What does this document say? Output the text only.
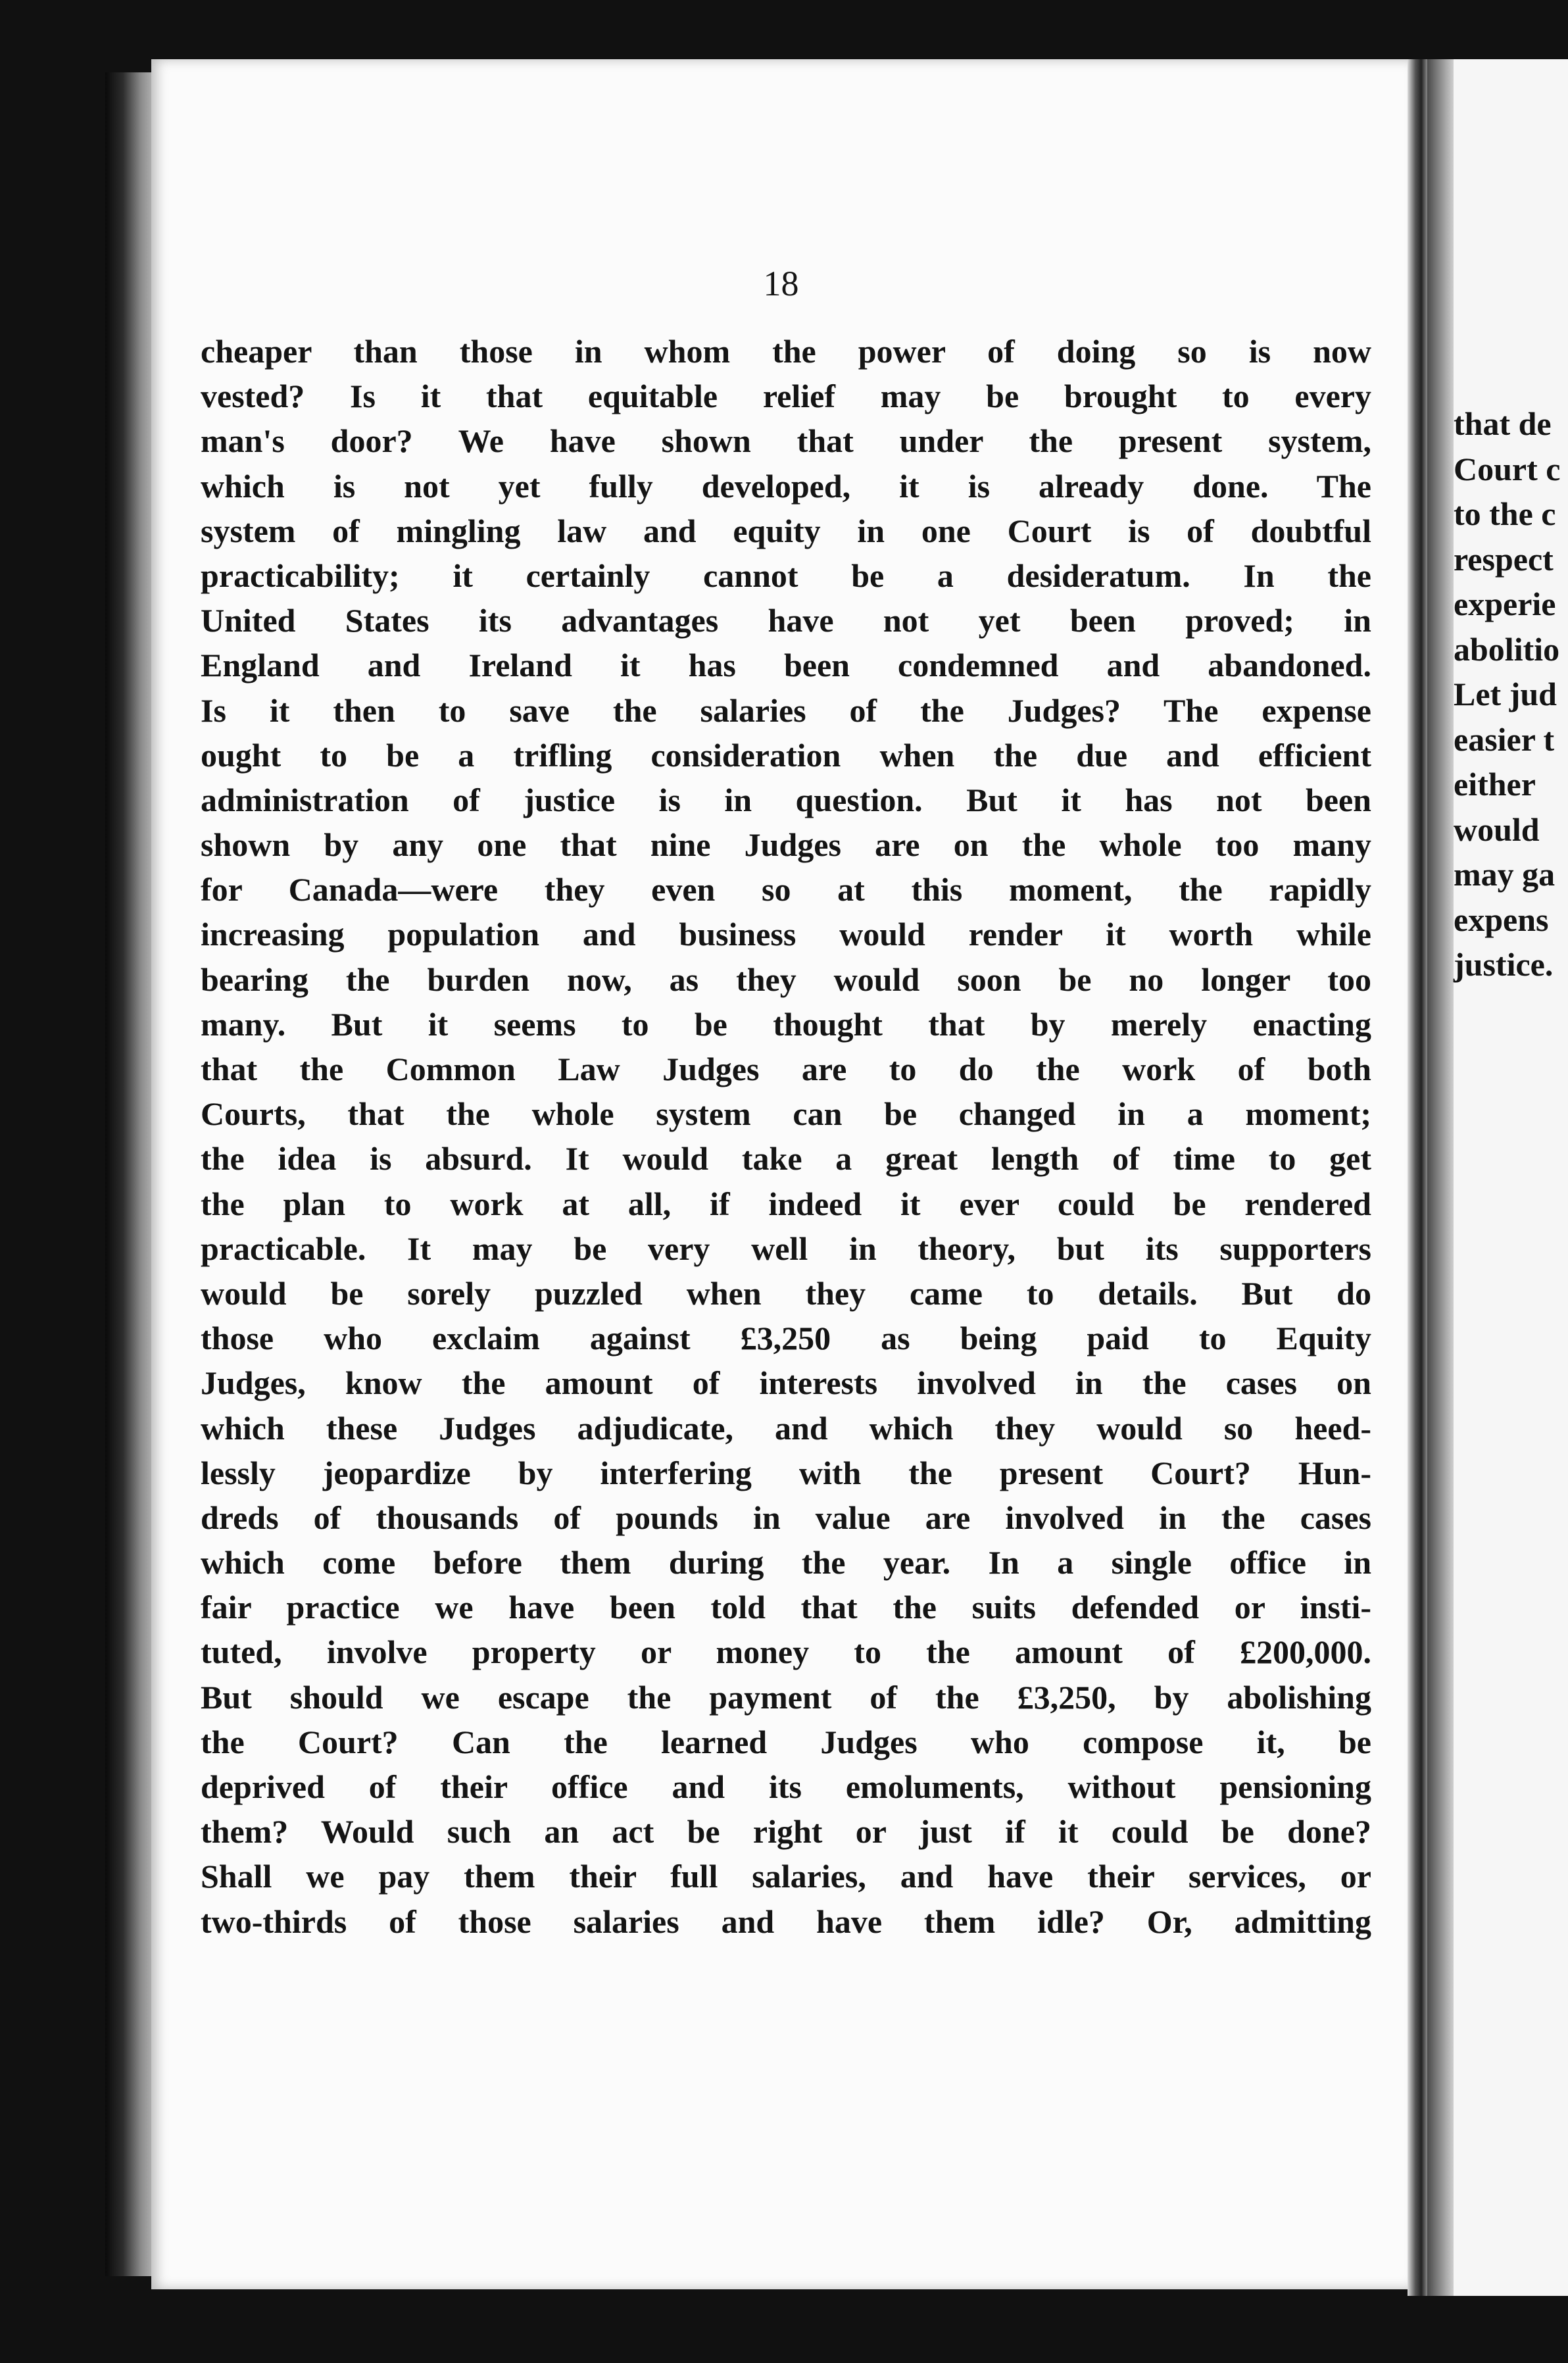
18

cheaper than those in whom the power of doing so is now
vested? Is it that equitable relief may be brought to every
man's door? We have shown that under the present system,
which is not yet fully developed, it is already done. The
system of mingling law and equity in one Court is of doubtful
practicability; it certainly cannot be a desideratum. In the
United States its advantages have not yet been proved; in
England and Ireland it has been condemned and abandoned.
Is it then to save the salaries of the Judges? The expense
ought to be a trifling consideration when the due and efficient
administration of justice is in question. But it has not been
shown by any one that nine Judges are on the whole too many
for Canada—were they even so at this moment, the rapidly
increasing population and business would render it worth while
bearing the burden now, as they would soon be no longer too
many. But it seems to be thought that by merely enacting
that the Common Law Judges are to do the work of both
Courts, that the whole system can be changed in a moment;
the idea is absurd. It would take a great length of time to get
the plan to work at all, if indeed it ever could be rendered
practicable. It may be very well in theory, but its supporters
would be sorely puzzled when they came to details. But do
those who exclaim against £3,250 as being paid to Equity
Judges, know the amount of interests involved in the cases on
which these Judges adjudicate, and which they would so heed-
lessly jeopardize by interfering with the present Court? Hun-
dreds of thousands of pounds in value are involved in the cases
which come before them during the year. In a single office in
fair practice we have been told that the suits defended or insti-
tuted, involve property or money to the amount of £200,000.
But should we escape the payment of the £3,250, by abolishing
the Court? Can the learned Judges who compose it, be
deprived of their office and its emoluments, without pensioning
them? Would such an act be right or just if it could be done?
Shall we pay them their full salaries, and have their services, or
two-thirds of those salaries and have them idle? Or, admitting
that de
Court c
to the c
respect
experie
abolitio
Let jud
easier t
either
would
may ga
expens
justice.
